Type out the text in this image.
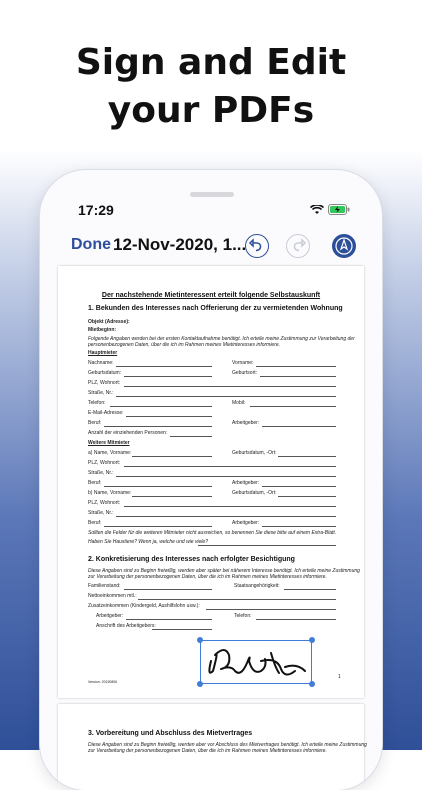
Sign and Edit
your PDFs
17:29
Done 12-Nov-2020, 1...
Der nachstehende Mietinteressent erteilt folgende Selbstauskunft
1. Bekunden des Interesses nach Offerierung der zu vermietenden Wohnung
Objekt (Adresse):
Mietbeginn:
Folgende Angaben werden bei der ersten Kontaktaufnahme benötigt. Ich erteile meine Zustimmung zur Verarbeitung der
personenbezogenen Daten, über die ich im Rahmen meines Mietinteresses informiere.
Hauptmieter
Nachname:	Vorname:
Geburtsdatum:	Geburtsort:
PLZ, Wohnort:
Straße, Nr.:
Telefon:	Mobil:
E-Mail-Adresse:
Beruf:	Arbeitgeber:
Anzahl der einziehenden Personen:
Weitere Mitmieter
a) Name, Vorname:	Geburtsdatum, -Ort:
PLZ, Wohnort:
Straße, Nr.:
Beruf:	Arbeitgeber:
b) Name, Vorname:	Geburtsdatum, -Ort:
PLZ, Wohnort:
Straße, Nr.:
Beruf:	Arbeitgeber:
Sollten die Felder für die weiteren Mitmieter nicht ausreichen, so benennen Sie diese bitte auf einem Extra-Blatt.
Haben Sie Haustiere? Wenn ja, welche und wie viele?
2. Konkretisierung des Interesses nach erfolgter Besichtigung
Diese Angaben sind zu Beginn freiwillig, werden aber später bei näherem Interesse benötigt. Ich erteile meine Zustimmung
zur Verarbeitung der personenbezogenen Daten, über die ich im Rahmen meines Mietinteresses informiere.
Familienstand:	Staatsangehörigkeit:
Nettoeinkommen mtl.:
Zusatzeinkommen (Kindergeld, Aushilfslohn usw.):
Arbeitgeber:	Telefon:
Anschrift des Arbeitgebers:
Version: 20190806
1
3. Vorbereitung und Abschluss des Mietvertrages
Diese Angaben sind zu Beginn freiwillig, werden aber vor Abschluss des Mietvertrages benötigt. Ich erteile meine Zustimmung
zur Verarbeitung der personenbezogenen Daten, über die ich im Rahmen meines Mietinteresses informiere.
